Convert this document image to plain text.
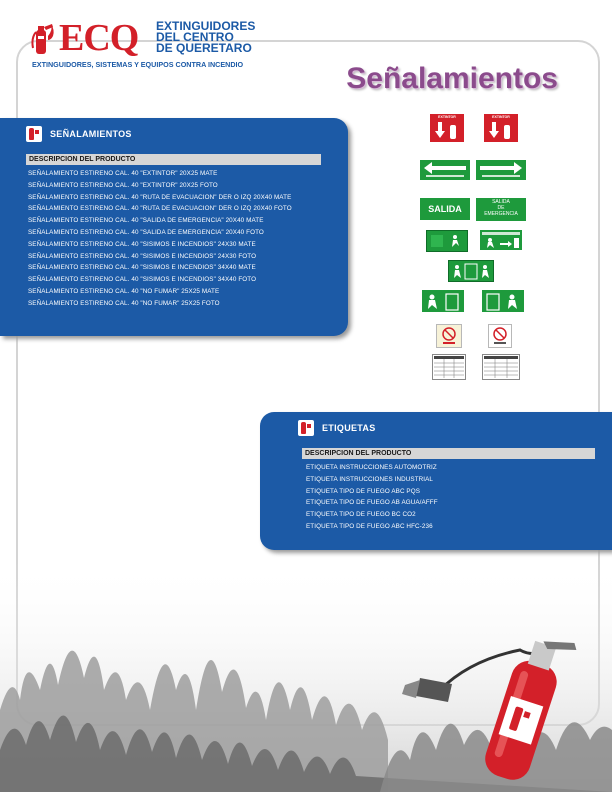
ECQ EXTINGUIDORES
DEL CENTRO
DE QUERETARO
EXTINGUIDORES, SISTEMAS Y EQUIPOS CONTRA INCENDIO	Señalamientos
SEÑALAMIENTOS
DESCRIPCION DEL PRODUCTO
SEÑALAMIENTO ESTIRENO CAL. 40 "EXTINTOR" 20X25 MATE
SEÑALAMIENTO ESTIRENO CAL. 40 "EXTINTOR" 20X25 FOTO
SEÑALAMIENTO ESTIRENO CAL. 40 "RUTA DE EVACUACION" DER O IZQ 20X40 MATE
SEÑALAMIENTO ESTIRENO CAL. 40 "RUTA DE EVACUACION" DER O IZQ 20X40 FOTO
SEÑALAMIENTO ESTIRENO CAL. 40 "SALIDA DE EMERGENCIA" 20X40 MATE
SEÑALAMIENTO ESTIRENO CAL. 40 "SALIDA DE EMERGENCIA" 20X40 FOTO
SEÑALAMIENTO ESTIRENO CAL. 40 "SISIMOS E INCENDIOS" 24X30 MATE
SEÑALAMIENTO ESTIRENO CAL. 40 "SISIMOS E INCENDIOS" 24X30 FOTO
SEÑALAMIENTO ESTIRENO CAL. 40 "SISIMOS E INCENDIOS" 34X40 MATE
SEÑALAMIENTO ESTIRENO CAL. 40 "SISIMOS E INCENDIOS" 34X40 FOTO
SEÑALAMIENTO ESTIRENO CAL. 40 "NO FUMAR" 25X25 MATE
SEÑALAMIENTO ESTIRENO CAL. 40 "NO FUMAR" 25X25 FOTO
EXTINTOR	EXTINTOR
SALIDA
SALIDA
DE
EMERGENCIA
ETIQUETAS
DESCRIPCION DEL PRODUCTO
ETIQUETA INSTRUCCIONES AUTOMOTRIZ
ETIQUETA INSTRUCCIONES INDUSTRIAL
ETIQUETA TIPO DE FUEGO ABC PQS
ETIQUETA TIPO DE FUEGO AB AGUA/AFFF
ETIQUETA TIPO DE FUEGO BC CO2
ETIQUETA TIPO DE FUEGO ABC HFC-236
